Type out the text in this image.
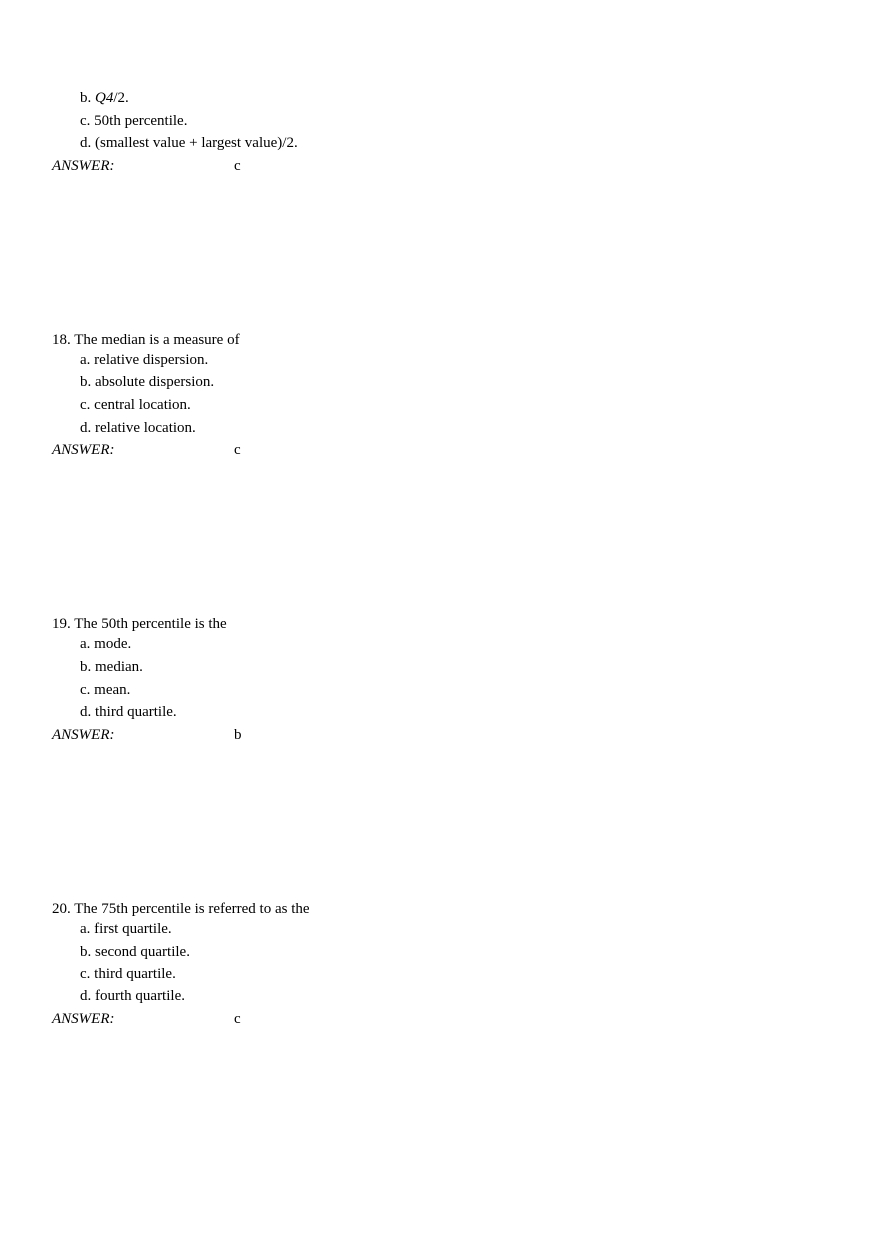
b. Q4/2.
c. 50th percentile.
d. (smallest value + largest value)/2.
ANSWER:	c
18. The median is a measure of
a. relative dispersion.
b. absolute dispersion.
c. central location.
d. relative location.
ANSWER:	c
19. The 50th percentile is the
a. mode.
b. median.
c. mean.
d. third quartile.
ANSWER:	b
20. The 75th percentile is referred to as the
a. first quartile.
b. second quartile.
c. third quartile.
d. fourth quartile.
ANSWER:	c
